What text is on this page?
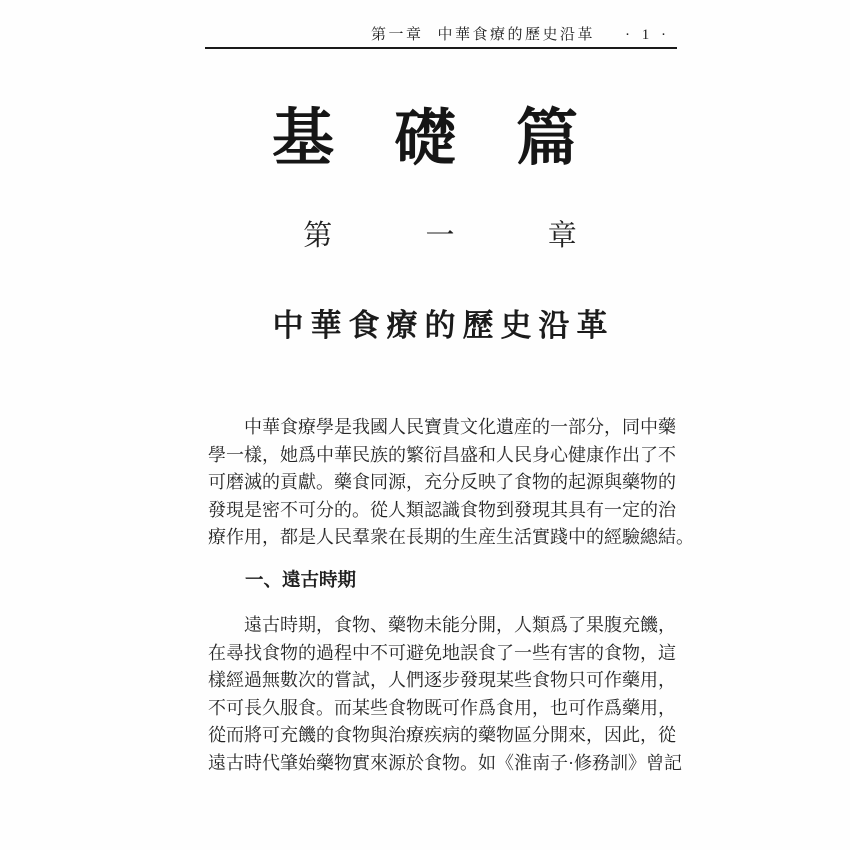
第一章 中華食療的歷史沿革 · 1 ·
基礎篇
第 一 章
中華食療的歷史沿革
中華食療學是我國人民寶貴文化遺産的一部分，同中藥
學一樣，她爲中華民族的繁衍昌盛和人民身心健康作出了不
可磨滅的貢獻。藥食同源，充分反映了食物的起源與藥物的
發現是密不可分的。從人類認識食物到發現其具有一定的治
療作用，都是人民羣衆在長期的生産生活實踐中的經驗總結。
一、遠古時期
遠古時期，食物、藥物未能分開，人類爲了果腹充饑，
在尋找食物的過程中不可避免地誤食了一些有害的食物，這
樣經過無數次的嘗試，人們逐步發現某些食物只可作藥用，
不可長久服食。而某些食物既可作爲食用，也可作爲藥用，
從而將可充饑的食物與治療疾病的藥物區分開來，因此，從
遠古時代肇始藥物實來源於食物。如《淮南子·修務訓》曾記
